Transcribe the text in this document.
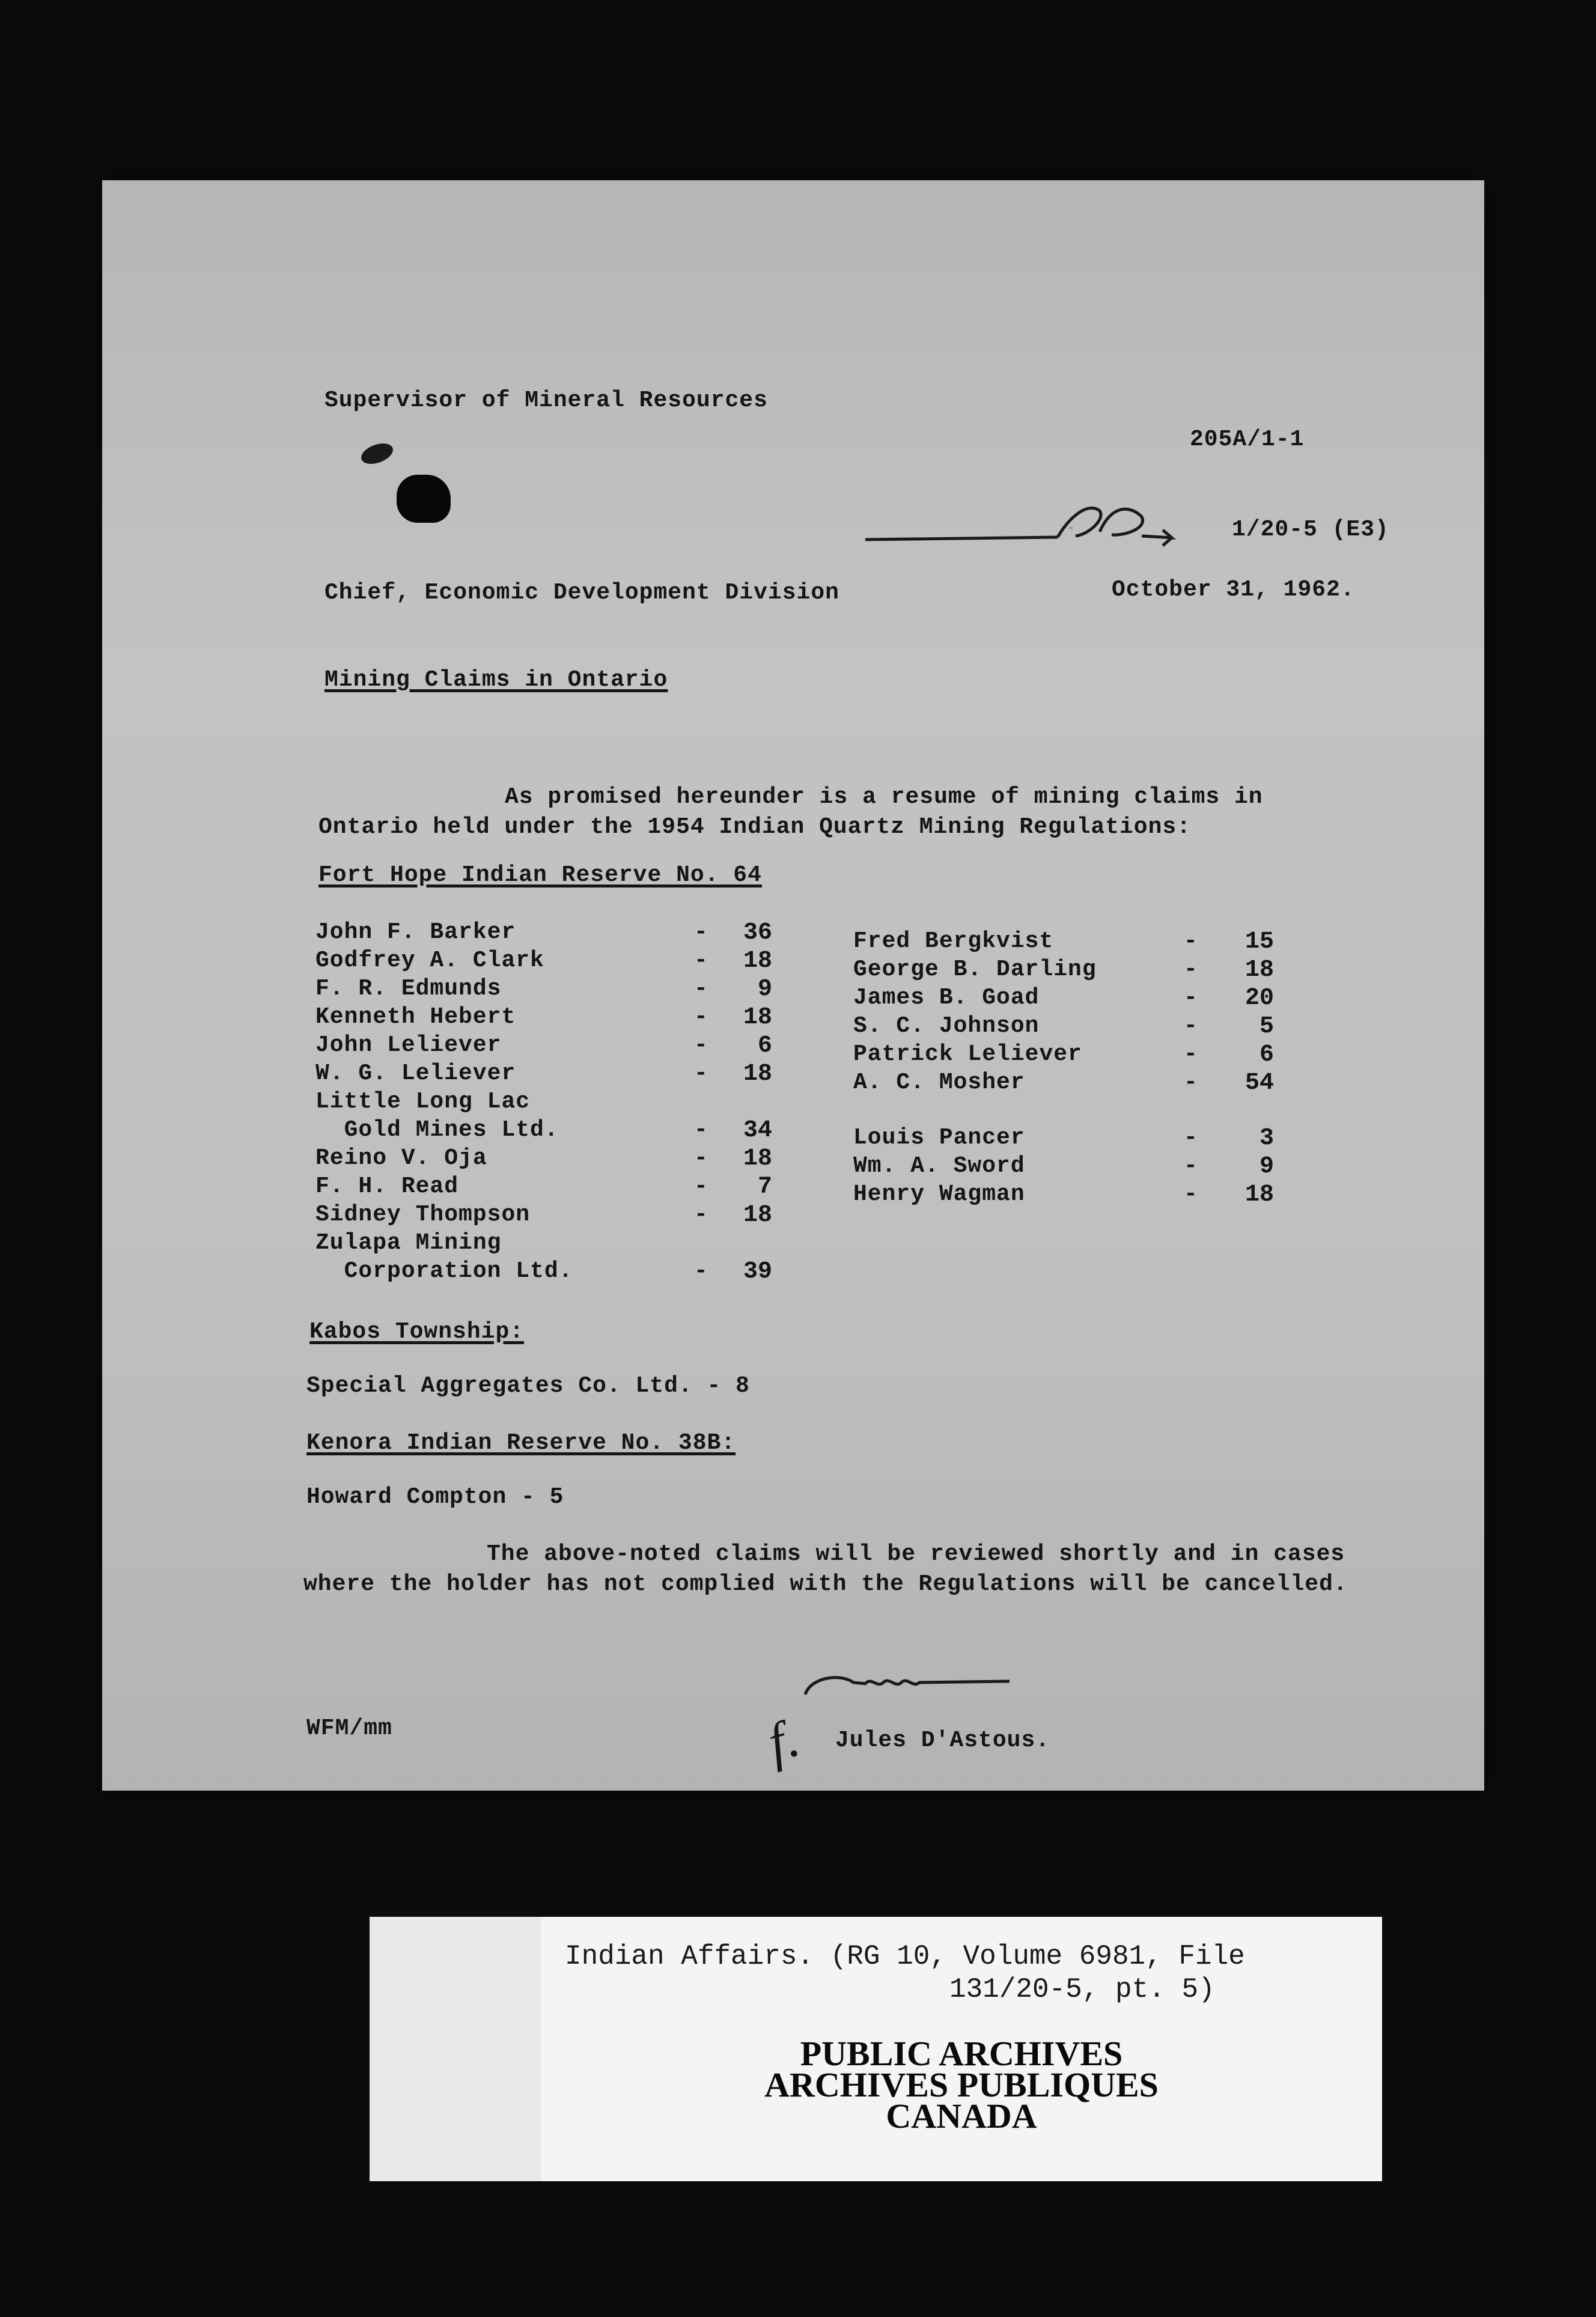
Supervisor of Mineral Resources
205A/1-1
RA	1/20-5 (E3)
Chief, Economic Development Division	October 31, 1962.
Mining Claims in Ontario
As promised hereunder is a resume of mining claims in
Ontario held under the 1954 Indian Quartz Mining Regulations:
Fort Hope Indian Reserve No. 64
John F. Barker	-	36
Godfrey A. Clark	-	18
F. R. Edmunds	-	9
Kenneth Hebert	-	18
John Leliever	-	6
W. G. Leliever	-	18
Little Long Lac
Gold Mines Ltd.	-	34
Reino V. Oja	-	18
F. H. Read	-	7
Sidney Thompson	-	18
Zulapa Mining
Corporation Ltd.	-	39
Fred Bergkvist	-	15
George B. Darling	-	18
James B. Goad	-	20
S. C. Johnson	-	5
Patrick Leliever	-	6
A. C. Mosher	-	54
Louis Pancer	-	3
Wm. A. Sword	-	9
Henry Wagman	-	18
Kabos Township:
Special Aggregates Co. Ltd. - 8
Kenora Indian Reserve No. 38B:
Howard Compton - 5
The above-noted claims will be reviewed shortly and in cases
where the holder has not complied with the Regulations will be cancelled.
WFM/mm	f. Jules D'Astous.
Indian Affairs. (RG 10, Volume 6981, File
131/20-5, pt. 5)
PUBLIC ARCHIVES
ARCHIVES PUBLIQUES
CANADA
